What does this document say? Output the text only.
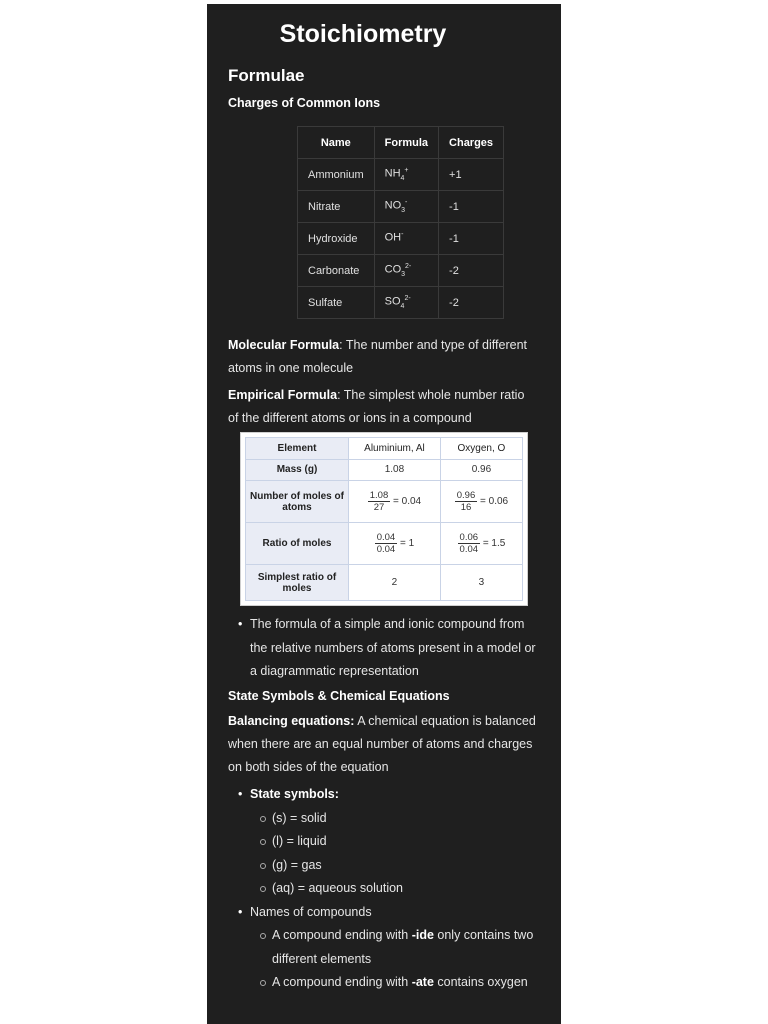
Stoichiometry
Formulae
Charges of Common Ions
Name	Formula	Charges
Ammonium	$NH_4^+$	+1
Nitrate	$NO_3^-$	-1
Hydroxide	OH-	-1
Carbonate	$CO_3^{2-}$	-2
Sulfate	$SO_4^{2-}$	-2
Molecular Formula: The number and type of different atoms in one molecule
Empirical Formula: The simplest whole number ratio of the different atoms or ions in a compound
Element	Aluminium, Al	Oxygen, O
Mass (g)	1.08	0.96
Number of moles of atoms	$\frac{1.08}{27} = 0.04$	$\frac{0.96}{16} = 0.06$
Ratio of moles	$\frac{0.04}{0.04} = 1$	$\frac{0.06}{0.04} = 1.5$
Simplest ratio of moles	2	3
• The formula of a simple and ionic compound from the relative numbers of atoms present in a model or a diagrammatic representation
State Symbols & Chemical Equations
Balancing equations: A chemical equation is balanced when there are an equal number of atoms and charges on both sides of the equation
• State symbols:
(s) = solid
(l) = liquid
(g) = gas
(aq) = aqueous solution
• Names of compounds
A compound ending with -ide only contains two different elements
A compound ending with -ate contains oxygen
